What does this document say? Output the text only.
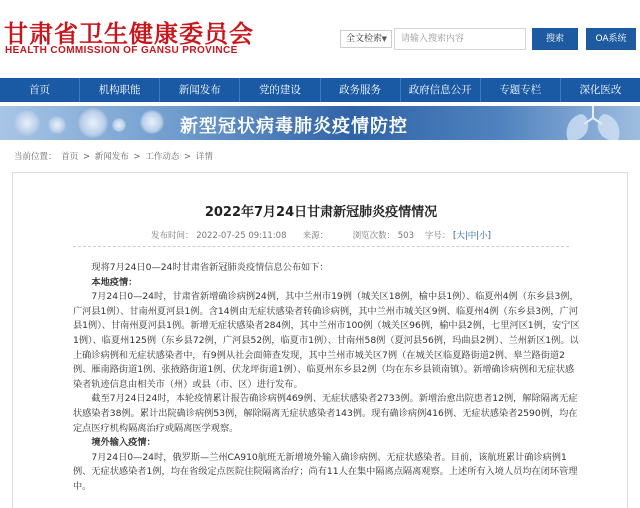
甘肃省卫生健康委员会
HEALTH COMMISSION OF GANSU PROVINCE
全文检索 ▼	请输入搜索内容	搜索	OA系统
首页	机构职能	新闻发布	党的建设	政务服务	政府信息公开	专题专栏	深化医改
新型冠状病毒肺炎疫情防控
当前位置： 首页 > 新闻发布 > 工作动态 > 详情
2022年7月24日甘肃新冠肺炎疫情情况
发布时间： 2022-07-25 09:11:08 来源：	浏览次数： 503 字号： [大|中|小]

现将7月24日0—24时甘肃省新冠肺炎疫情信息公布如下：

本地疫情：

7月24日0—24时，甘肃省新增确诊病例24例，其中兰州市19例（城关区18例，榆中县1例）、临夏州4例（东乡县3例，广河县1例）、甘南州夏河县1例。含14例由无症状感染者转确诊病例，其中兰州市城关区9例、临夏州4例（东乡县3例，广河县1例）、甘南州夏河县1例。新增无症状感染者284例，其中兰州市100例（城关区96例，榆中县2例，七里河区1例，安宁区1例）、临夏州125例（东乡县72例，广河县52例，临夏市1例）、甘南州58例（夏河县56例，玛曲县2例）、兰州新区1例。以上确诊病例和无症状感染者中，有9例从社会面筛查发现，其中兰州市城关区7例（在城关区临夏路街道2例、皋兰路街道2例、雁南路街道1例、张掖路街道1例、伏龙坪街道1例）、临夏州东乡县2例（均在东乡县锁南镇）。新增确诊病例和无症状感染者轨迹信息由相关市（州）或县（市、区）进行发布。

截至7月24日24时，本轮疫情累计报告确诊病例469例、无症状感染者2733例。新增治愈出院患者12例，解除隔离无症状感染者38例。累计出院确诊病例53例，解除隔离无症状感染者143例。现有确诊病例416例、无症状感染者2590例，均在定点医疗机构隔离治疗或隔离医学观察。

境外输入疫情：

7月24日0—24时，俄罗斯—兰州CA910航班无新增境外输入确诊病例、无症状感染者。目前，该航班累计确诊病例1例、无症状感染者1例，均在省级定点医院住院隔离治疗；尚有11人在集中隔离点隔离观察。上述所有入境人员均在闭环管理中。
